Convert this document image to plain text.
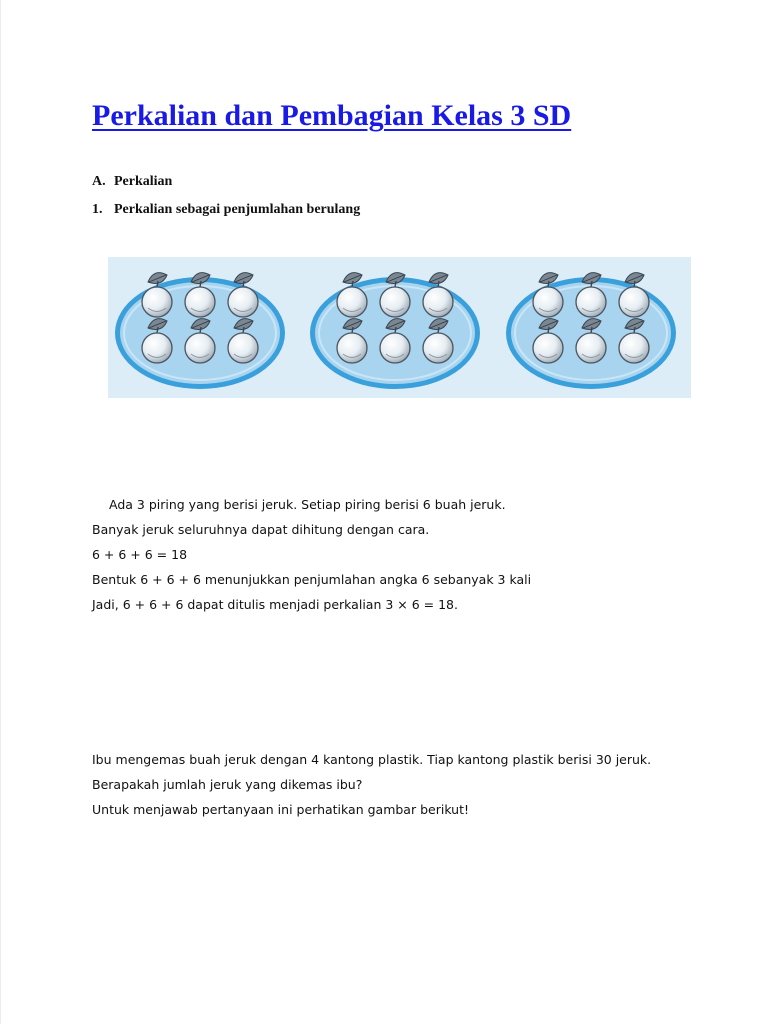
Perkalian dan Pembagian Kelas 3 SD
A. Perkalian
1. Perkalian sebagai penjumlahan berulang
Ada 3 piring yang berisi jeruk. Setiap piring berisi 6 buah jeruk.
Banyak jeruk seluruhnya dapat dihitung dengan cara.
6 + 6 + 6 = 18
Bentuk 6 + 6 + 6 menunjukkan penjumlahan angka 6 sebanyak 3 kali
Jadi, 6 + 6 + 6 dapat ditulis menjadi perkalian 3 × 6 = 18.
Ibu mengemas buah jeruk dengan 4 kantong plastik. Tiap kantong plastik berisi 30 jeruk.
Berapakah jumlah jeruk yang dikemas ibu?
Untuk menjawab pertanyaan ini perhatikan gambar berikut!
